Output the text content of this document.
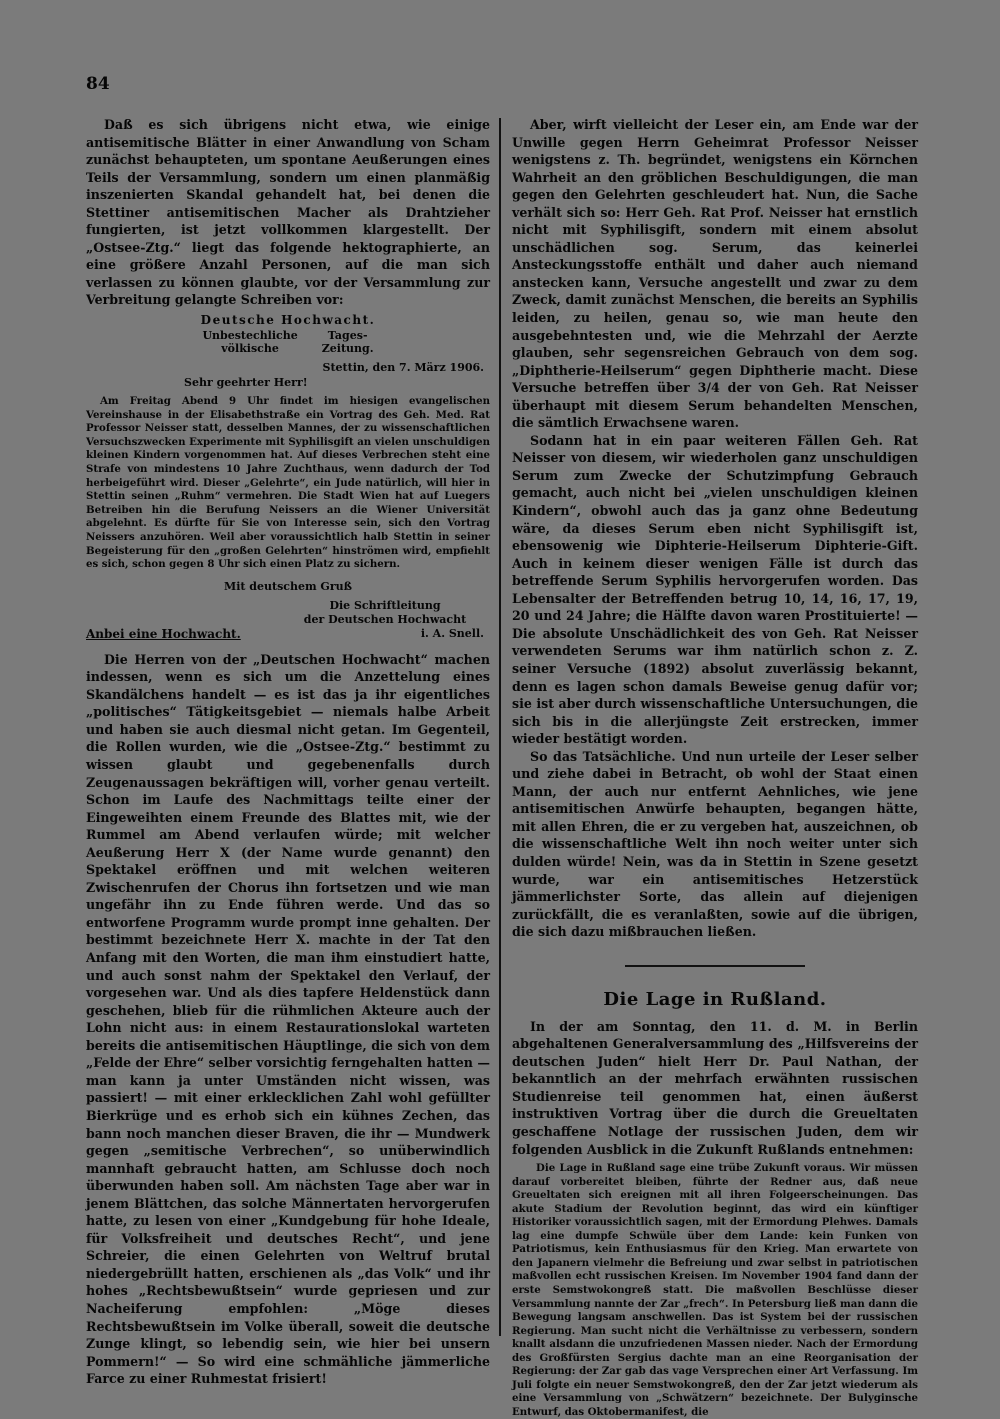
84

Daß es sich übrigens nicht etwa, wie einige antisemitische Blätter in einer Anwandlung von Scham zunächst behaupteten, um spontane Aeußerungen eines Teils der Versammlung, sondern um einen planmäßig inszenierten Skandal gehandelt hat, bei denen die Stettiner antisemitischen Macher als Drahtzieher fungierten, ist jetzt vollkommen klargestellt. Der „Ostsee-Ztg.“ liegt das folgende hektographierte, an eine größere Anzahl Personen, auf die man sich verlassen zu können glaubte, vor der Versammlung zur Verbreitung gelangte Schreiben vor:

Deutsche Hochwacht.
Unbestechliche
völkische
Tages-
Zeitung.
Stettin, den 7. März 1906.
Sehr geehrter Herr!

Am Freitag Abend 9 Uhr findet im hiesigen evangelischen Vereinshause in der Elisabethstraße ein Vortrag des Geh. Med. Rat Professor Neisser statt, desselben Mannes, der zu wissenschaftlichen Versuchszwecken Experimente mit Syphilisgift an vielen unschuldigen kleinen Kindern vorgenommen hat. Auf dieses Verbrechen steht eine Strafe von mindestens 10 Jahre Zuchthaus, wenn dadurch der Tod herbeigeführt wird. Dieser „Gelehrte“, ein Jude natürlich, will hier in Stettin seinen „Ruhm“ vermehren. Die Stadt Wien hat auf Luegers Betreiben hin die Berufung Neissers an die Wiener Universität abgelehnt. Es dürfte für Sie von Interesse sein, sich den Vortrag Neissers anzuhören. Weil aber voraussichtlich halb Stettin in seiner Begeisterung für den „großen Gelehrten“ hinströmen wird, empfiehlt es sich, schon gegen 8 Uhr sich einen Platz zu sichern.

Mit deutschem Gruß
Anbei eine Hochwacht.
Die Schriftleitung
der Deutschen Hochwacht
i. A. Snell.

Die Herren von der „Deutschen Hochwacht“ machen indessen, wenn es sich um die Anzettelung eines Skandälchens handelt — es ist das ja ihr eigentliches „politisches“ Tätigkeitsgebiet — niemals halbe Arbeit und haben sie auch diesmal nicht getan. Im Gegenteil, die Rollen wurden, wie die „Ostsee-Ztg.“ bestimmt zu wissen glaubt und gegebenenfalls durch Zeugenaussagen bekräftigen will, vorher genau verteilt. Schon im Laufe des Nachmittags teilte einer der Eingeweihten einem Freunde des Blattes mit, wie der Rummel am Abend verlaufen würde; mit welcher Aeußerung Herr X (der Name wurde genannt) den Spektakel eröffnen und mit welchen weiteren Zwischenrufen der Chorus ihn fortsetzen und wie man ungefähr ihn zu Ende führen werde. Und das so entworfene Programm wurde prompt inne gehalten. Der bestimmt bezeichnete Herr X. machte in der Tat den Anfang mit den Worten, die man ihm einstudiert hatte, und auch sonst nahm der Spektakel den Verlauf, der vorgesehen war. Und als dies tapfere Heldenstück dann geschehen, blieb für die rühmlichen Akteure auch der Lohn nicht aus: in einem Restaurationslokal warteten bereits die antisemitischen Häuptlinge, die sich von dem „Felde der Ehre“ selber vorsichtig ferngehalten hatten — man kann ja unter Umständen nicht wissen, was passiert! — mit einer erklecklichen Zahl wohl gefüllter Bierkrüge und es erhob sich ein kühnes Zechen, das bann noch manchen dieser Braven, die ihr — Mundwerk gegen „semitische Verbrechen“, so unüberwindlich mannhaft gebraucht hatten, am Schlusse doch noch überwunden haben soll. Am nächsten Tage aber war in jenem Blättchen, das solche Männertaten hervorgerufen hatte, zu lesen von einer „Kundgebung für hohe Ideale, für Volksfreiheit und deutsches Recht“, und jene Schreier, die einen Gelehrten von Weltruf brutal niedergebrüllt hatten, erschienen als „das Volk“ und ihr hohes „Rechtsbewußtsein“ wurde gepriesen und zur Nacheiferung empfohlen: „Möge dieses Rechtsbewußtsein im Volke überall, soweit die deutsche Zunge klingt, so lebendig sein, wie hier bei unsern Pommern!“ — So wird eine schmähliche jämmerliche Farce zu einer Ruhmestat frisiert!

Aber, wirft vielleicht der Leser ein, am Ende war der Unwille gegen Herrn Geheimrat Professor Neisser wenigstens z. Th. begründet, wenigstens ein Körnchen Wahrheit an den gröblichen Beschuldigungen, die man gegen den Gelehrten geschleudert hat. Nun, die Sache verhält sich so: Herr Geh. Rat Prof. Neisser hat ernstlich nicht mit Syphilisgift, sondern mit einem absolut unschädlichen sog. Serum, das keinerlei Ansteckungsstoffe enthält und daher auch niemand anstecken kann, Versuche angestellt und zwar zu dem Zweck, damit zunächst Menschen, die bereits an Syphilis leiden, zu heilen, genau so, wie man heute den ausgebehntesten und, wie die Mehrzahl der Aerzte glauben, sehr segensreichen Gebrauch von dem sog. „Diphtherie-Heilserum“ gegen Diphtherie macht. Diese Versuche betreffen über 3/4 der von Geh. Rat Neisser überhaupt mit diesem Serum behandelten Menschen, die sämtlich Erwachsene waren.

Sodann hat in ein paar weiteren Fällen Geh. Rat Neisser von diesem, wir wiederholen ganz unschuldigen Serum zum Zwecke der Schutzimpfung Gebrauch gemacht, auch nicht bei „vielen unschuldigen kleinen Kindern“, obwohl auch das ja ganz ohne Bedeutung wäre, da dieses Serum eben nicht Syphilisgift ist, ebensowenig wie Diphterie-Heilserum Diphterie-Gift. Auch in keinem dieser wenigen Fälle ist durch das betreffende Serum Syphilis hervorgerufen worden. Das Lebensalter der Betreffenden betrug 10, 14, 16, 17, 19, 20 und 24 Jahre; die Hälfte davon waren Prostituierte! — Die absolute Unschädlichkeit des von Geh. Rat Neisser verwendeten Serums war ihm natürlich schon z. Z. seiner Versuche (1892) absolut zuverlässig bekannt, denn es lagen schon damals Beweise genug dafür vor; sie ist aber durch wissenschaftliche Untersuchungen, die sich bis in die allerjüngste Zeit erstrecken, immer wieder bestätigt worden.

So das Tatsächliche. Und nun urteile der Leser selber und ziehe dabei in Betracht, ob wohl der Staat einen Mann, der auch nur entfernt Aehnliches, wie jene antisemitischen Anwürfe behaupten, begangen hätte, mit allen Ehren, die er zu vergeben hat, auszeichnen, ob die wissenschaftliche Welt ihn noch weiter unter sich dulden würde! Nein, was da in Stettin in Szene gesetzt wurde, war ein antisemitisches Hetzerstück jämmerlichster Sorte, das allein auf diejenigen zurückfällt, die es veranlaßten, sowie auf die übrigen, die sich dazu mißbrauchen ließen.

Die Lage in Rußland.

In der am Sonntag, den 11. d. M. in Berlin abgehaltenen Generalversammlung des „Hilfsvereins der deutschen Juden“ hielt Herr Dr. Paul Nathan, der bekanntlich an der mehrfach erwähnten russischen Studienreise teil genommen hat, einen äußerst instruktiven Vortrag über die durch die Greueltaten geschaffene Notlage der russischen Juden, dem wir folgenden Ausblick in die Zukunft Rußlands entnehmen:

Die Lage in Rußland sage eine trübe Zukunft voraus. Wir müssen darauf vorbereitet bleiben, führte der Redner aus, daß neue Greueltaten sich ereignen mit all ihren Folgeerscheinungen. Das akute Stadium der Revolution beginnt, das wird ein künftiger Historiker voraussichtlich sagen, mit der Ermordung Plehwes. Damals lag eine dumpfe Schwüle über dem Lande: kein Funken von Patriotismus, kein Enthusiasmus für den Krieg. Man erwartete von den Japanern vielmehr die Befreiung und zwar selbst in patriotischen maßvollen echt russischen Kreisen. Im November 1904 fand dann der erste Semstwokongreß statt. Die maßvollen Beschlüsse dieser Versammlung nannte der Zar „frech“. In Petersburg ließ man dann die Bewegung langsam anschwellen. Das ist System bei der russischen Regierung. Man sucht nicht die Verhältnisse zu verbessern, sondern knallt alsdann die unzufriedenen Massen nieder. Nach der Ermordung des Großfürsten Sergius dachte man an eine Reorganisation der Regierung: der Zar gab das vage Versprechen einer Art Verfassung. Im Juli folgte ein neuer Semstwokongreß, den der Zar jetzt wiederum als eine Versammlung von „Schwätzern“ bezeichnete. Der Bulyginsche Entwurf, das Oktobermanifest, die
